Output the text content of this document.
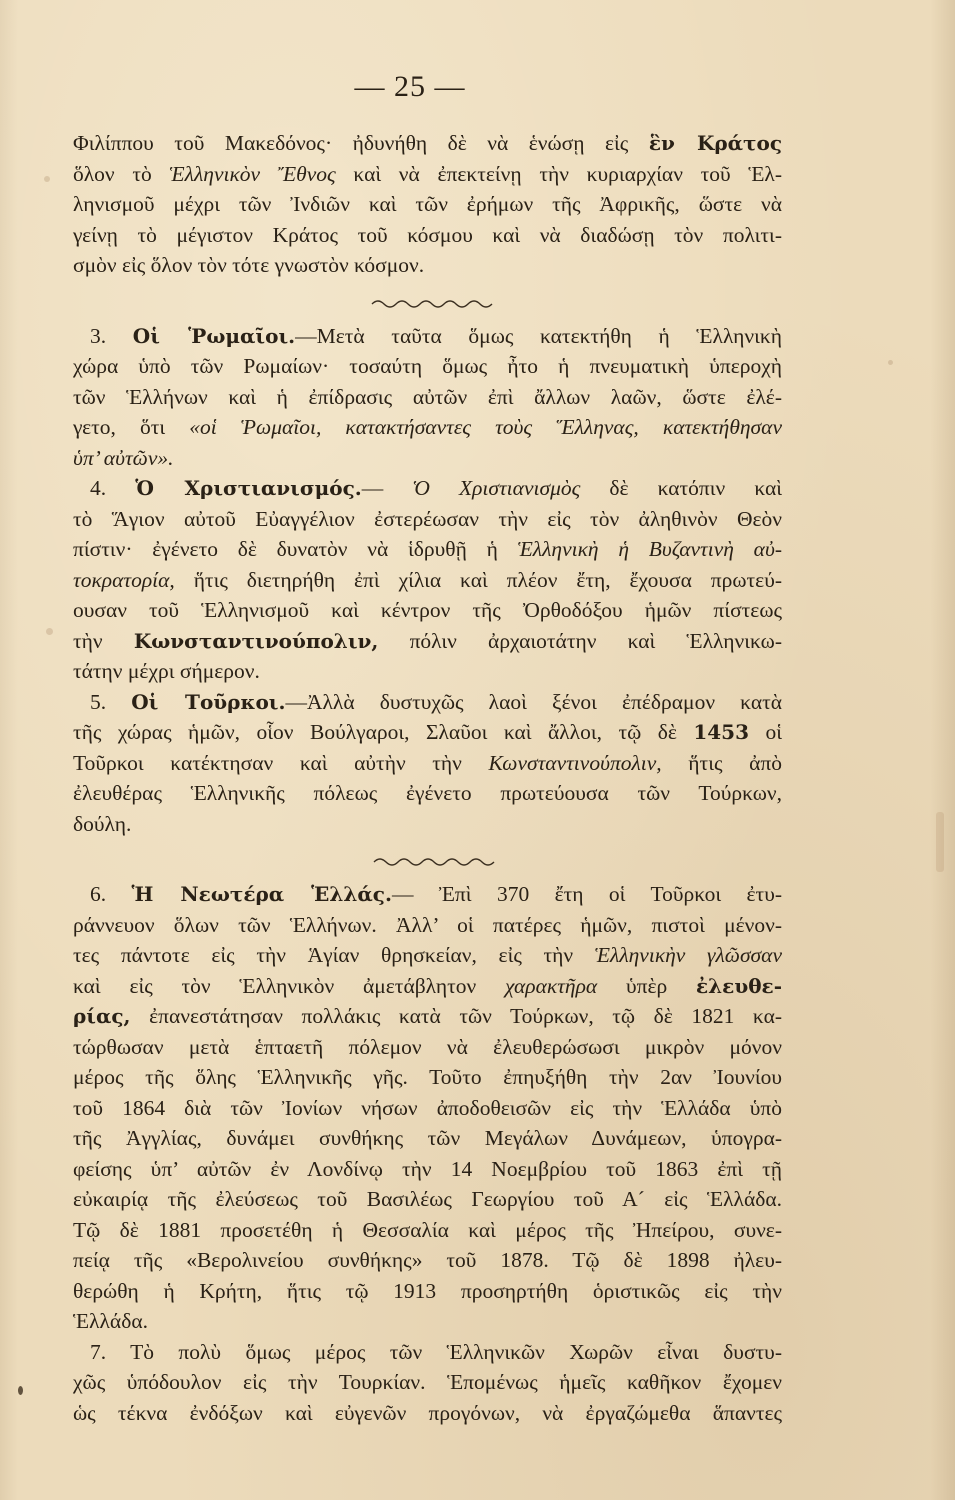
— 25 —
Φιλίππου τοῦ Μακεδόνος· ἠδυνήθη δὲ νὰ ἑνώσῃ εἰς ἓν Κράτος
ὅλον τὸ Ἑλληνικὸν Ἔθνος καὶ νὰ ἐπεκτείνῃ τὴν κυριαρχίαν τοῦ Ἑλ-
ληνισμοῦ μέχρι τῶν Ἰνδιῶν καὶ τῶν ἐρήμων τῆς Ἀφρικῆς, ὥστε νὰ
γείνῃ τὸ μέγιστον Κράτος τοῦ κόσμου καὶ νὰ διαδώσῃ τὸν πολιτι-
σμὸν εἰς ὅλον τὸν τότε γνωστὸν κόσμον.
3. Οἱ Ῥωμαῖοι.—Μετὰ ταῦτα ὅμως κατεκτήθη ἡ Ἑλληνικὴ
χώρα ὑπὸ τῶν Ρωμαίων· τοσαύτη ὅμως ἦτο ἡ πνευματικὴ ὑπεροχὴ
τῶν Ἑλλήνων καὶ ἡ ἐπίδρασις αὐτῶν ἐπὶ ἄλλων λαῶν, ὥστε ἐλέ-
γετο, ὅτι «οἱ Ῥωμαῖοι, κατακτήσαντες τοὺς Ἕλληνας, κατεκτήθησαν
ὑπ’ αὐτῶν».
4. Ὁ Χριστιανισμός.— Ὁ Χριστιανισμὸς δὲ κατόπιν καὶ
τὸ Ἅγιον αὐτοῦ Εὐαγγέλιον ἐστερέωσαν τὴν εἰς τὸν ἀληθινὸν Θεὸν
πίστιν· ἐγένετο δὲ δυνατὸν νὰ ἱδρυθῇ ἡ Ἑλληνικὴ ἡ Βυζαντινὴ αὐ-
τοκρατορία, ἥτις διετηρήθη ἐπὶ χίλια καὶ πλέον ἔτη, ἔχουσα πρωτεύ-
ουσαν τοῦ Ἑλληνισμοῦ καὶ κέντρον τῆς Ὀρθοδόξου ἡμῶν πίστεως
τὴν Κωνσταντινούπολιν, πόλιν ἀρχαιοτάτην καὶ Ἑλληνικω-
τάτην μέχρι σήμερον.
5. Οἱ Τοῦρκοι.—Ἀλλὰ δυστυχῶς λαοὶ ξένοι ἐπέδραμον κατὰ
τῆς χώρας ἡμῶν, οἷον Βούλγαροι, Σλαῦοι καὶ ἄλλοι, τῷ δὲ 1453 οἱ
Τοῦρκοι κατέκτησαν καὶ αὐτὴν τὴν Κωνσταντινούπολιν, ἥτις ἀπὸ
ἐλευθέρας Ἑλληνικῆς πόλεως ἐγένετο πρωτεύουσα τῶν Τούρκων,
δούλη.
6. Ἡ Νεωτέρα Ἑλλάς.— Ἐπὶ 370 ἔτη οἱ Τοῦρκοι ἐτυ-
ράννευον ὅλων τῶν Ἑλλήνων. Ἀλλ’ οἱ πατέρες ἡμῶν, πιστοὶ μένον-
τες πάντοτε εἰς τὴν Ἁγίαν θρησκείαν, εἰς τὴν Ἑλληνικὴν γλῶσσαν
καὶ εἰς τὸν Ἑλληνικὸν ἀμετάβλητον χαρακτῆρα ὑπὲρ ἐλευθε-
ρίας, ἐπανεστάτησαν πολλάκις κατὰ τῶν Τούρκων, τῷ δὲ 1821 κα-
τώρθωσαν μετὰ ἑπταετῆ πόλεμον νὰ ἐλευθερώσωσι μικρὸν μόνον
μέρος τῆς ὅλης Ἑλληνικῆς γῆς. Τοῦτο ἐπηυξήθη τὴν 2αν Ἰουνίου
τοῦ 1864 διὰ τῶν Ἰονίων νήσων ἀποδοθεισῶν εἰς τὴν Ἑλλάδα ὑπὸ
τῆς Ἀγγλίας, δυνάμει συνθήκης τῶν Μεγάλων Δυνάμεων, ὑπογρα-
φείσης ὑπ’ αὐτῶν ἐν Λονδίνῳ τὴν 14 Νοεμβρίου τοῦ 1863 ἐπὶ τῇ
εὐκαιρίᾳ τῆς ἐλεύσεως τοῦ Βασιλέως Γεωργίου τοῦ Α´ εἰς Ἑλλάδα.
Τῷ δὲ 1881 προσετέθη ἡ Θεσσαλία καὶ μέρος τῆς Ἠπείρου, συνε-
πείᾳ τῆς «Βερολινείου συνθήκης» τοῦ 1878. Τῷ δὲ 1898 ἠλευ-
θερώθη ἡ Κρήτη, ἥτις τῷ 1913 προσηρτήθη ὁριστικῶς εἰς τὴν
Ἑλλάδα.
7. Τὸ πολὺ ὅμως μέρος τῶν Ἑλληνικῶν Χωρῶν εἶναι δυστυ-
χῶς ὑπόδουλον εἰς τὴν Τουρκίαν. Ἑπομένως ἡμεῖς καθῆκον ἔχομεν
ὡς τέκνα ἐνδόξων καὶ εὐγενῶν προγόνων, νὰ ἐργαζώμεθα ἅπαντες
